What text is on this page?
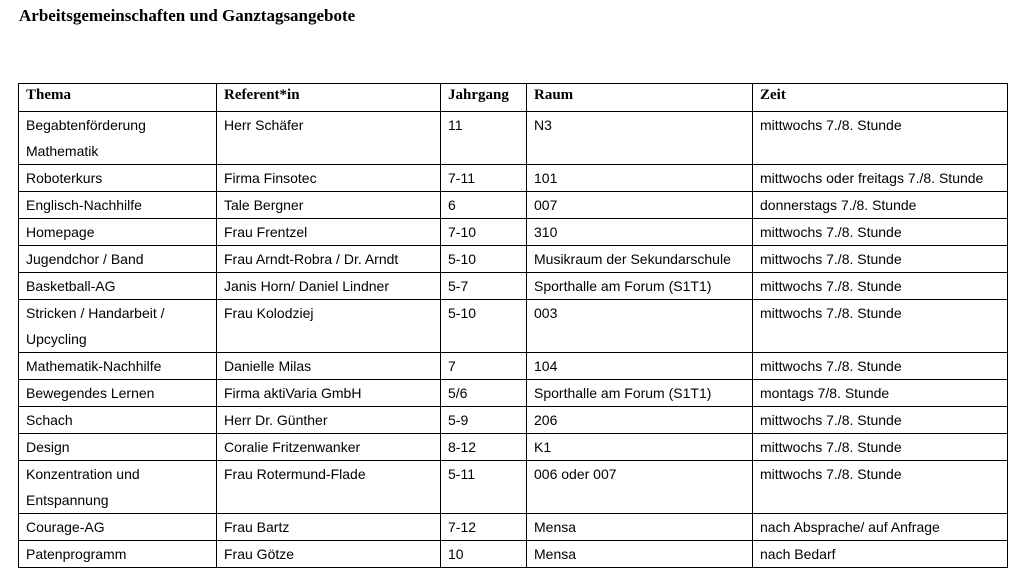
Arbeitsgemeinschaften und Ganztagsangebote
Thema	Referent*in	Jahrgang	Raum	Zeit
Begabtenförderung Mathematik	Herr Schäfer	11	N3	mittwochs 7./8. Stunde
Roboterkurs	Firma Finsotec	7-11	101	mittwochs oder freitags 7./8. Stunde
Englisch-Nachhilfe	Tale Bergner	6	007	donnerstags 7./8. Stunde
Homepage	Frau Frentzel	7-10	310	mittwochs 7./8. Stunde
Jugendchor / Band	Frau Arndt-Robra / Dr. Arndt	5-10	Musikraum der Sekundarschule	mittwochs 7./8. Stunde
Basketball-AG	Janis Horn/ Daniel Lindner	5-7	Sporthalle am Forum (S1T1)	mittwochs 7./8. Stunde
Stricken / Handarbeit / Upcycling	Frau Kolodziej	5-10	003	mittwochs 7./8. Stunde
Mathematik-Nachhilfe	Danielle Milas	7	104	mittwochs 7./8. Stunde
Bewegendes Lernen	Firma aktiVaria GmbH	5/6	Sporthalle am Forum (S1T1)	montags 7/8. Stunde
Schach	Herr Dr. Günther	5-9	206	mittwochs 7./8. Stunde
Design	Coralie Fritzenwanker	8-12	K1	mittwochs 7./8. Stunde
Konzentration und Entspannung	Frau Rotermund-Flade	5-11	006 oder 007	mittwochs 7./8. Stunde
Courage-AG	Frau Bartz	7-12	Mensa	nach Absprache/ auf Anfrage
Patenprogramm	Frau Götze	10	Mensa	nach Bedarf
